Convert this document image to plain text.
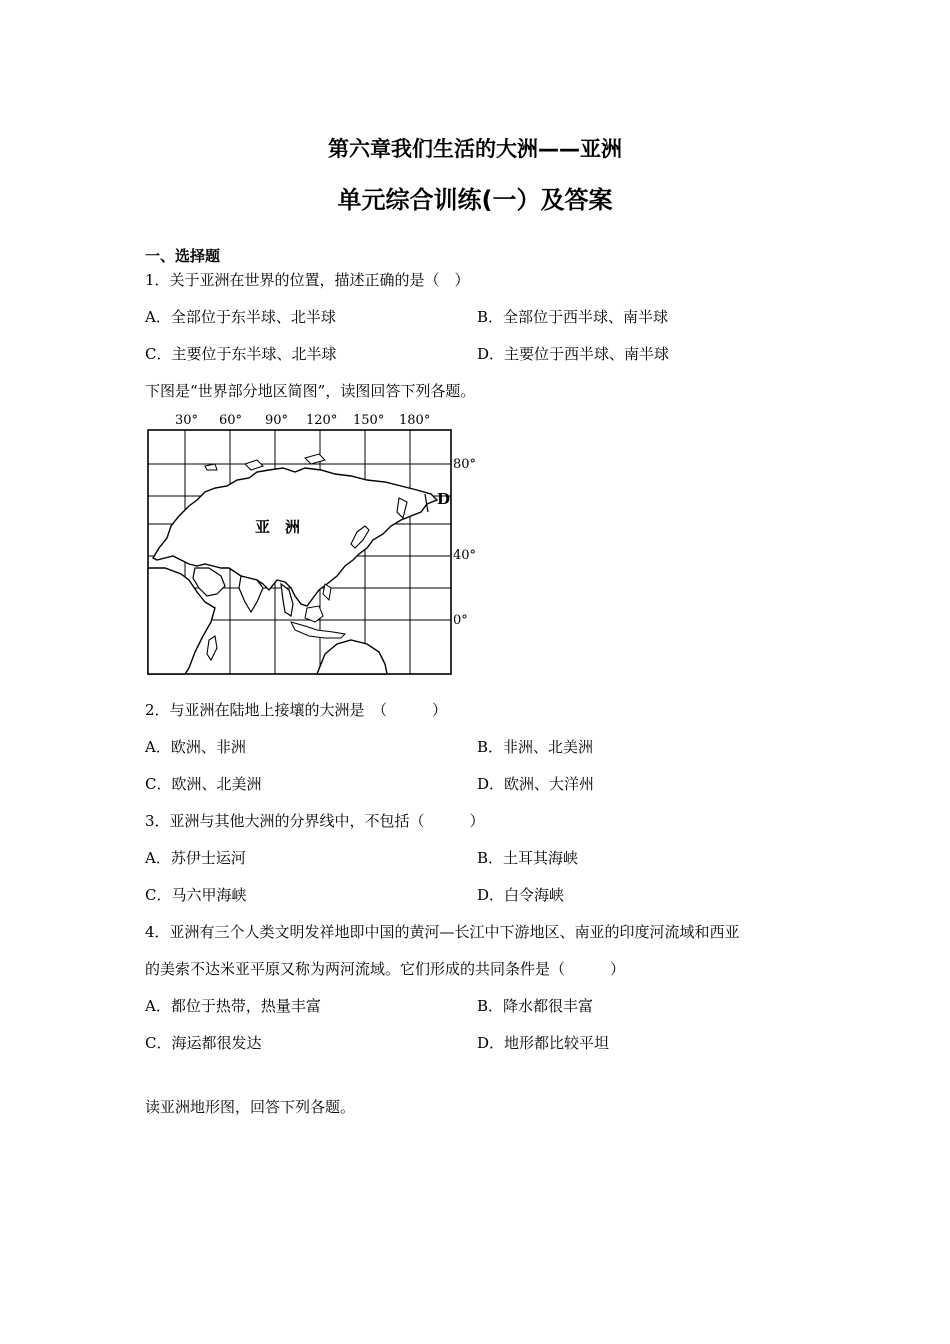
第六章我们生活的大洲——亚洲
单元综合训练(一）及答案
一、选择题
1．关于亚洲在世界的位置，描述正确的是（　）
A．全部位于东半球、北半球	B．全部位于西半球、南半球
C．主要位于东半球、北半球	D．主要位于西半球、南半球
下图是“世界部分地区简图”，读图回答下列各题。
30° 60° 90° 120° 150° 180°
80°
40°
0°
D
亚　洲
2．与亚洲在陆地上接壤的大洲是　（　　　）
A．欧洲、非洲	B．非洲、北美洲
C．欧洲、北美洲	D．欧洲、大洋州
3．亚洲与其他大洲的分界线中，不包括（　　　）
A．苏伊士运河	B．土耳其海峡
C．马六甲海峡	D．白令海峡
4．亚洲有三个人类文明发祥地即中国的黄河—长江中下游地区、南亚的印度河流域和西亚
的美索不达米亚平原又称为两河流域。它们形成的共同条件是（　　　）
A．都位于热带，热量丰富	B．降水都很丰富
C．海运都很发达	D．地形都比较平坦
读亚洲地形图，回答下列各题。
